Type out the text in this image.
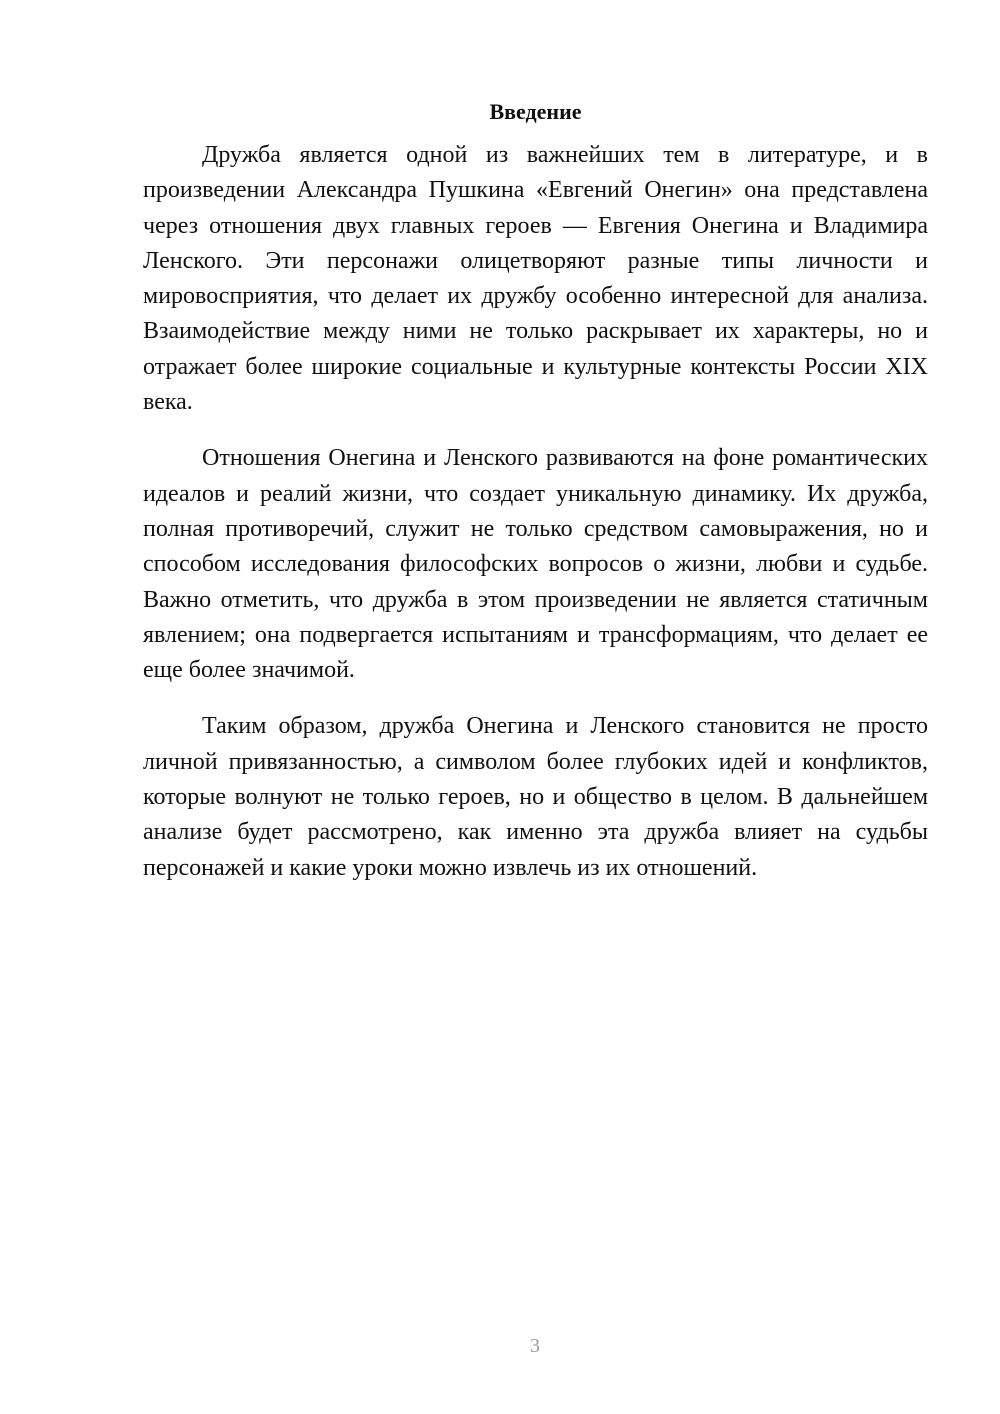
Введение

Дружба является одной из важнейших тем в литературе, и в произведении Александра Пушкина «Евгений Онегин» она представлена через отношения двух главных героев — Евгения Онегина и Владимира Ленского. Эти персонажи олицетворяют разные типы личности и мировосприятия, что делает их дружбу особенно интересной для анализа. Взаимодействие между ними не только раскрывает их характеры, но и отражает более широкие социальные и культурные контексты России XIX века.

Отношения Онегина и Ленского развиваются на фоне романтических идеалов и реалий жизни, что создает уникальную динамику. Их дружба, полная противоречий, служит не только средством самовыражения, но и способом исследования философских вопросов о жизни, любви и судьбе. Важно отметить, что дружба в этом произведении не является статичным явлением; она подвергается испытаниям и трансформациям, что делает ее еще более значимой.

Таким образом, дружба Онегина и Ленского становится не просто личной привязанностью, а символом более глубоких идей и конфликтов, которые волнуют не только героев, но и общество в целом. В дальнейшем анализе будет рассмотрено, как именно эта дружба влияет на судьбы персонажей и какие уроки можно извлечь из их отношений.

3
